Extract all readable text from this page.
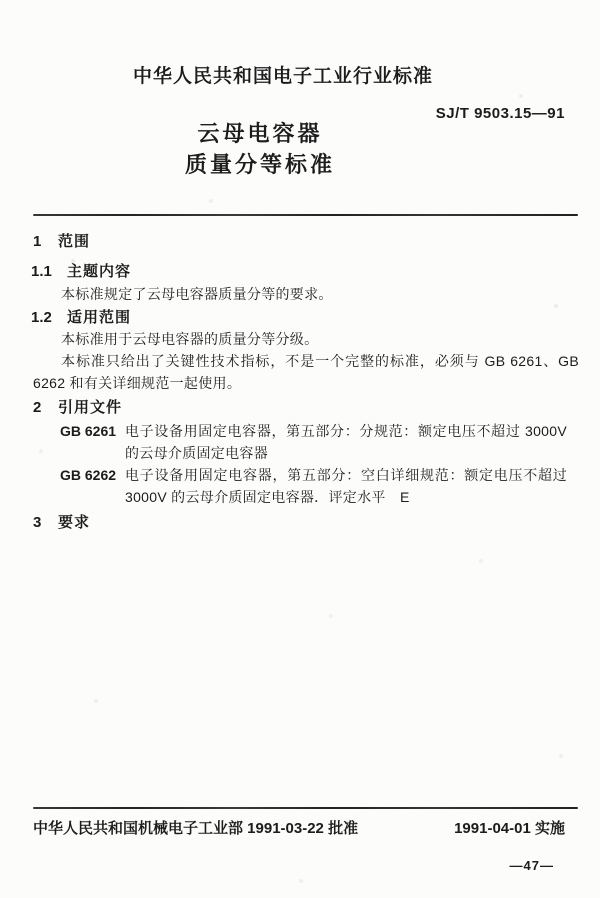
中华人民共和国电子工业行业标准
SJ/T 9503.15—91
云母电容器
质量分等标准
1 范围
1.1 主题内容
本标准规定了云母电容器质量分等的要求。
1.2 适用范围
本标准用于云母电容器的质量分等分级。
本标准只给出了关键性技术指标，不是一个完整的标准，必须与 GB 6261、GB 6262 和有关详细规范一起使用。
2 引用文件
GB 6261 电子设备用固定电容器，第五部分：分规范：额定电压不超过 3000V 的云母介质固定电容器
GB 6262 电子设备用固定电容器，第五部分：空白详细规范：额定电压不超过 3000V 的云母介质固定电容器．评定水平　E
3 要求
中华人民共和国机械电子工业部 1991-03-22 批准	1991-04-01 实施
—47—
